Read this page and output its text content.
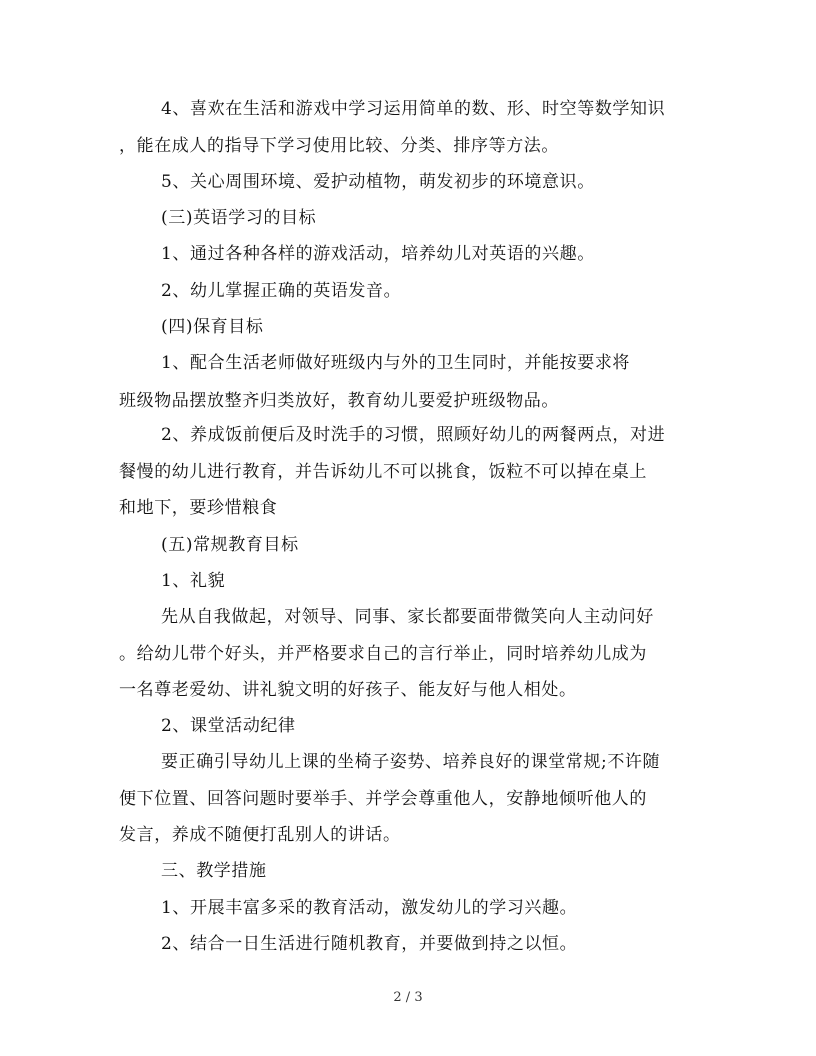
4、喜欢在生活和游戏中学习运用简单的数、形、时空等数学知识
，能在成人的指导下学习使用比较、分类、排序等方法。
5、关心周围环境、爱护动植物，萌发初步的环境意识。
(三)英语学习的目标
1、通过各种各样的游戏活动，培养幼儿对英语的兴趣。
2、幼儿掌握正确的英语发音。
(四)保育目标
1、配合生活老师做好班级内与外的卫生同时，并能按要求将
班级物品摆放整齐归类放好，教育幼儿要爱护班级物品。
2、养成饭前便后及时洗手的习惯，照顾好幼儿的两餐两点，对进
餐慢的幼儿进行教育，并告诉幼儿不可以挑食，饭粒不可以掉在桌上
和地下，要珍惜粮食
(五)常规教育目标
1、礼貌
先从自我做起，对领导、同事、家长都要面带微笑向人主动问好
。给幼儿带个好头，并严格要求自己的言行举止，同时培养幼儿成为
一名尊老爱幼、讲礼貌文明的好孩子、能友好与他人相处。
2、课堂活动纪律
要正确引导幼儿上课的坐椅子姿势、培养良好的课堂常规;不许随
便下位置、回答问题时要举手、并学会尊重他人，安静地倾听他人的
发言，养成不随便打乱别人的讲话。
三、教学措施
1、开展丰富多采的教育活动，激发幼儿的学习兴趣。
2、结合一日生活进行随机教育，并要做到持之以恒。
2 / 3
